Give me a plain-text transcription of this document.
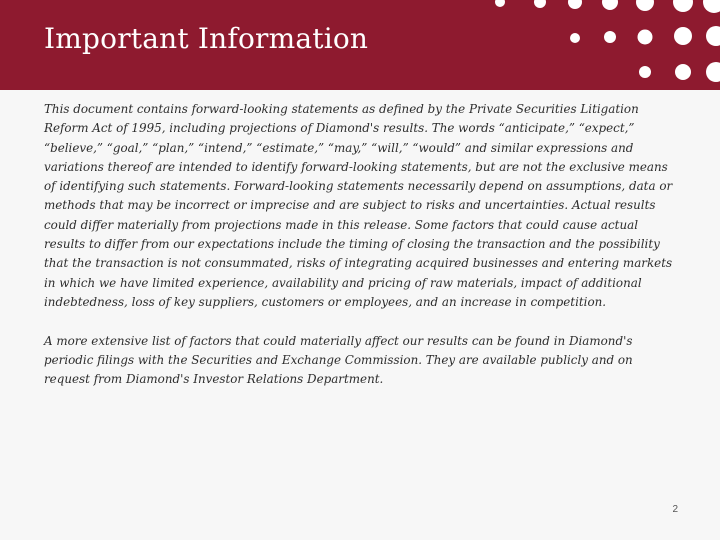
Important Information

This document contains forward-looking statements as defined by the Private Securities Litigation Reform Act of 1995, including projections of Diamond's results. The words “anticipate,” “expect,” “believe,” “goal,” “plan,” “intend,” “estimate,” “may,” “will,” “would” and similar expressions and variations thereof are intended to identify forward-looking statements, but are not the exclusive means of identifying such statements. Forward-looking statements necessarily depend on assumptions, data or methods that may be incorrect or imprecise and are subject to risks and uncertainties. Actual results could differ materially from projections made in this release. Some factors that could cause actual results to differ from our expectations include the timing of closing the transaction and the possibility that the transaction is not consummated, risks of integrating acquired businesses and entering markets in which we have limited experience, availability and pricing of raw materials, impact of additional indebtedness, loss of key suppliers, customers or employees, and an increase in competition.

A more extensive list of factors that could materially affect our results can be found in Diamond's periodic filings with the Securities and Exchange Commission. They are available publicly and on request from Diamond's Investor Relations Department.

2
